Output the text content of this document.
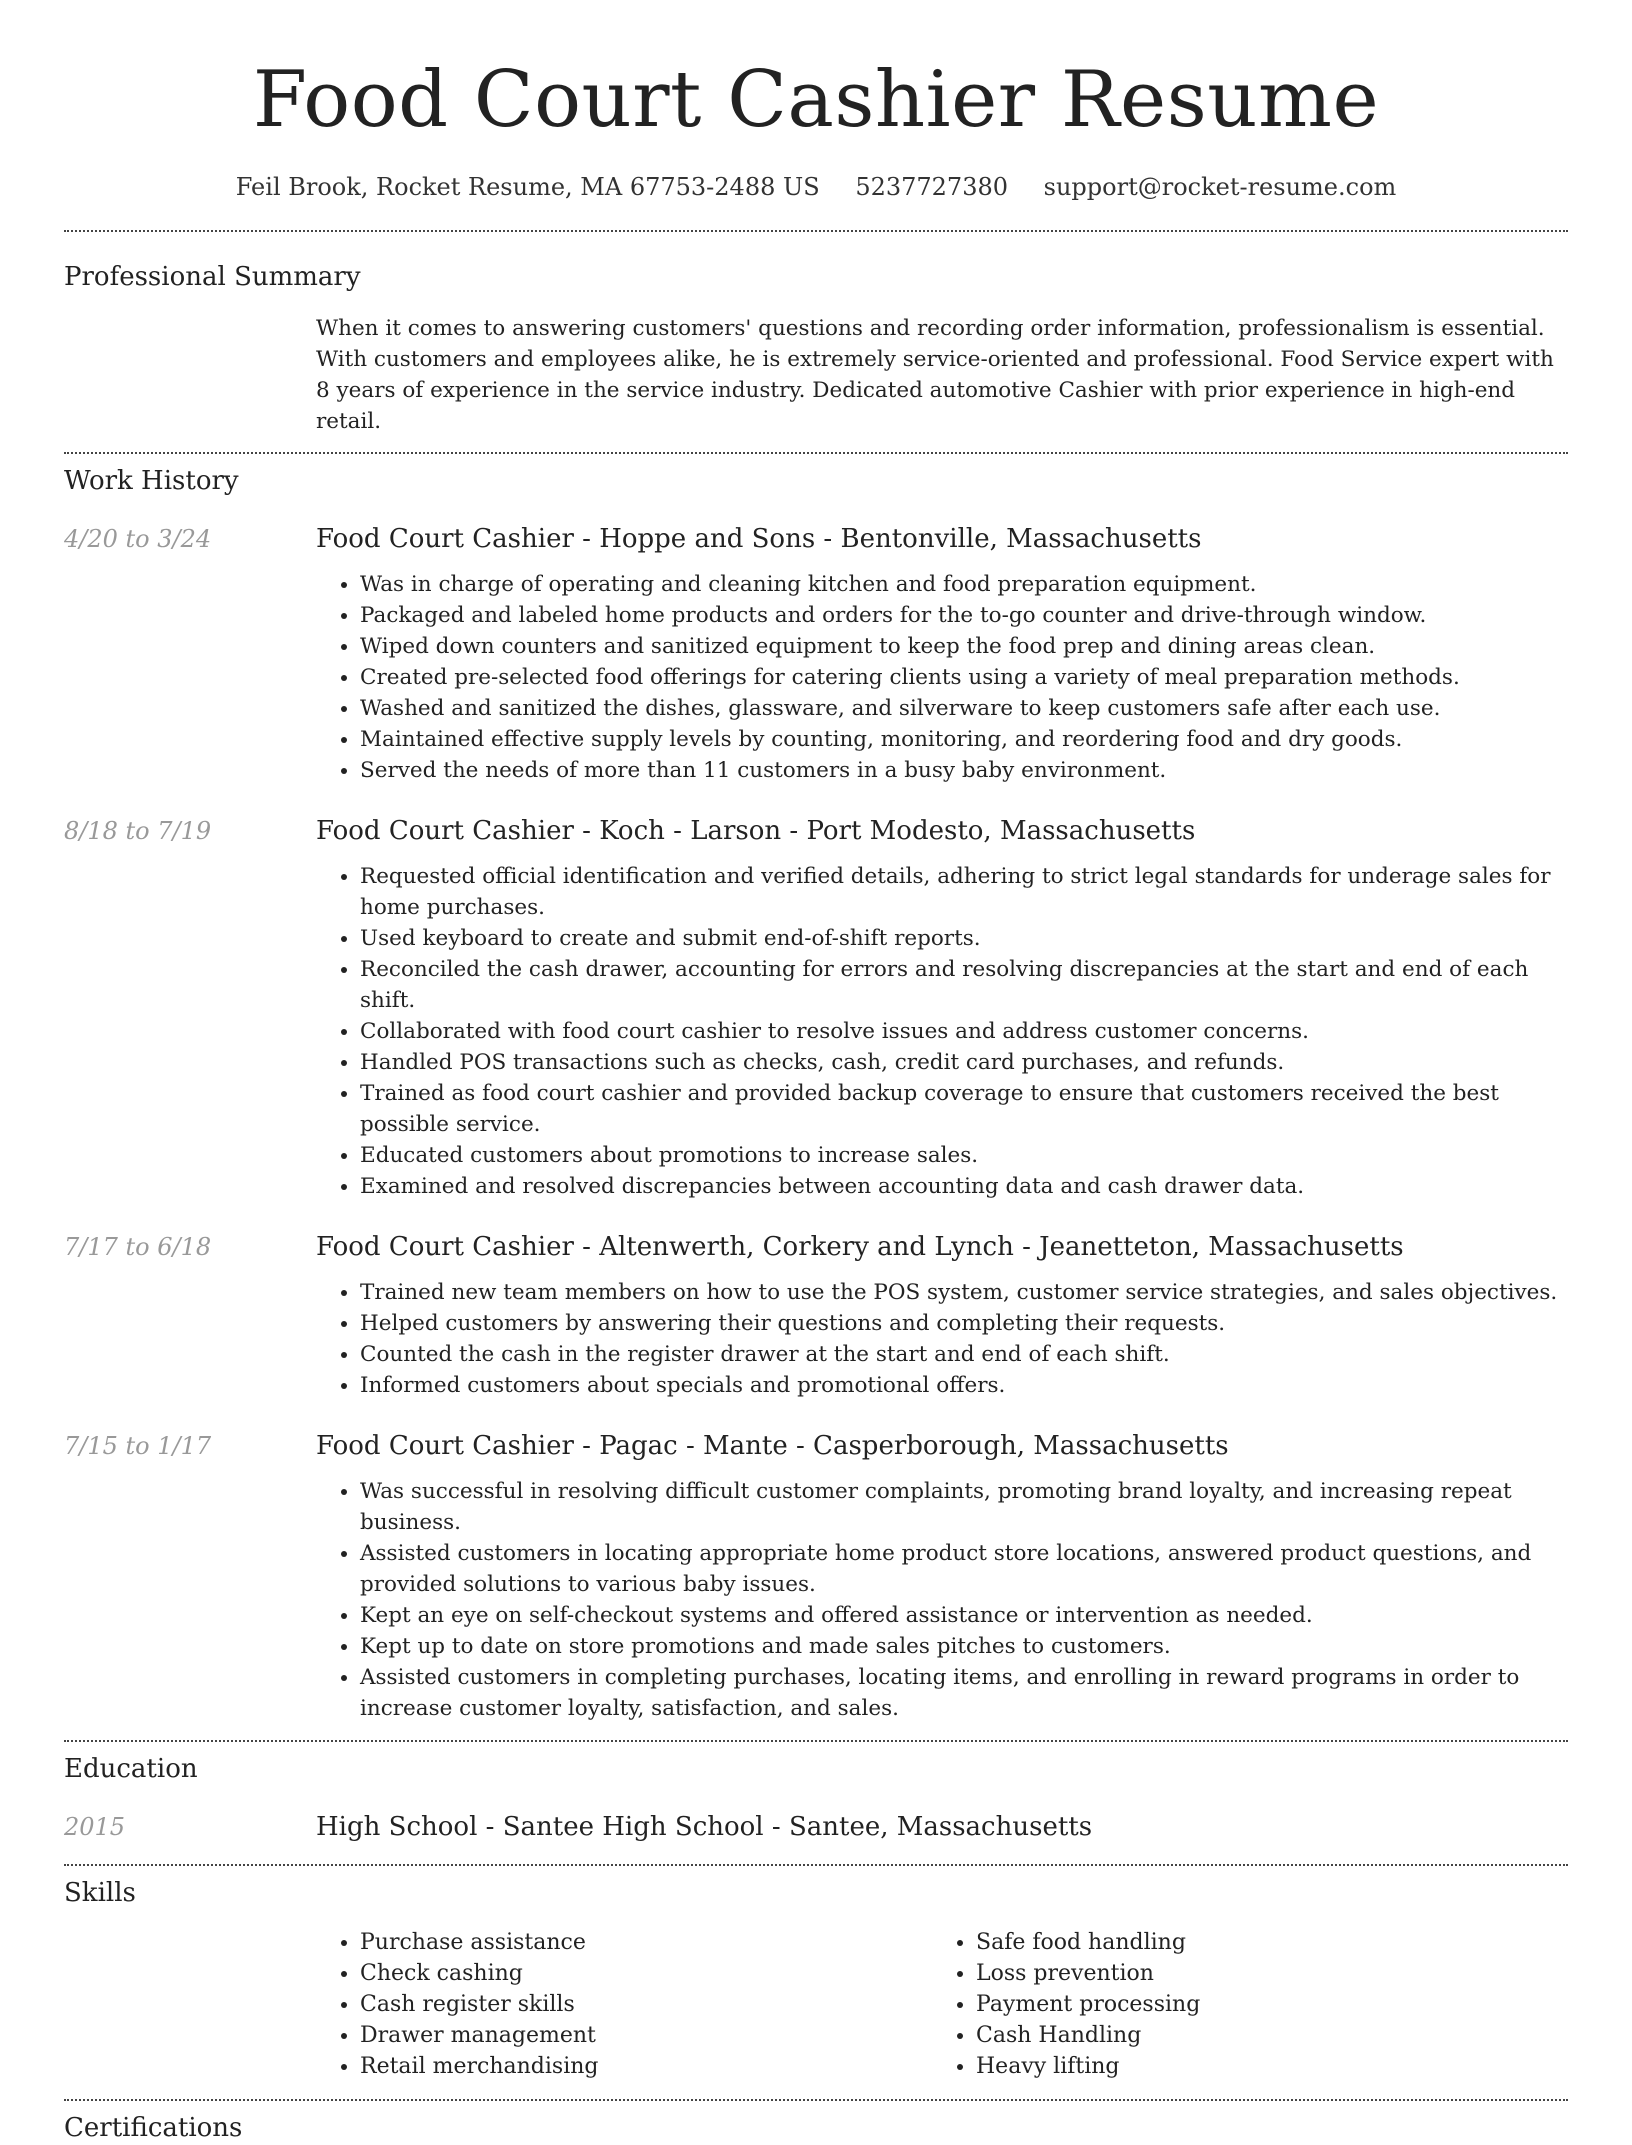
Food Court Cashier Resume
Feil Brook, Rocket Resume, MA 67753-2488 US 5237727380 support@rocket-resume.com
Professional Summary
When it comes to answering customers' questions and recording order information, professionalism is essential. With customers and employees alike, he is extremely service-oriented and professional. Food Service expert with 8 years of experience in the service industry. Dedicated automotive Cashier with prior experience in high-end retail.
Work History
4/20 to 3/24	Food Court Cashier - Hoppe and Sons - Bentonville, Massachusetts
• Was in charge of operating and cleaning kitchen and food preparation equipment.
• Packaged and labeled home products and orders for the to-go counter and drive-through window.
• Wiped down counters and sanitized equipment to keep the food prep and dining areas clean.
• Created pre-selected food offerings for catering clients using a variety of meal preparation methods.
• Washed and sanitized the dishes, glassware, and silverware to keep customers safe after each use.
• Maintained effective supply levels by counting, monitoring, and reordering food and dry goods.
• Served the needs of more than 11 customers in a busy baby environment.
8/18 to 7/19	Food Court Cashier - Koch - Larson - Port Modesto, Massachusetts
• Requested official identification and verified details, adhering to strict legal standards for underage sales for home purchases.
• Used keyboard to create and submit end-of-shift reports.
• Reconciled the cash drawer, accounting for errors and resolving discrepancies at the start and end of each shift.
• Collaborated with food court cashier to resolve issues and address customer concerns.
• Handled POS transactions such as checks, cash, credit card purchases, and refunds.
• Trained as food court cashier and provided backup coverage to ensure that customers received the best possible service.
• Educated customers about promotions to increase sales.
• Examined and resolved discrepancies between accounting data and cash drawer data.
7/17 to 6/18	Food Court Cashier - Altenwerth, Corkery and Lynch - Jeanetteton, Massachusetts
• Trained new team members on how to use the POS system, customer service strategies, and sales objectives.
• Helped customers by answering their questions and completing their requests.
• Counted the cash in the register drawer at the start and end of each shift.
• Informed customers about specials and promotional offers.
7/15 to 1/17	Food Court Cashier - Pagac - Mante - Casperborough, Massachusetts
• Was successful in resolving difficult customer complaints, promoting brand loyalty, and increasing repeat business.
• Assisted customers in locating appropriate home product store locations, answered product questions, and provided solutions to various baby issues.
• Kept an eye on self-checkout systems and offered assistance or intervention as needed.
• Kept up to date on store promotions and made sales pitches to customers.
• Assisted customers in completing purchases, locating items, and enrolling in reward programs in order to increase customer loyalty, satisfaction, and sales.
Education
2015	High School - Santee High School - Santee, Massachusetts
Skills
• Purchase assistance
• Check cashing
• Cash register skills
• Drawer management
• Retail merchandising
• Safe food handling
• Loss prevention
• Payment processing
• Cash Handling
• Heavy lifting
Certifications
